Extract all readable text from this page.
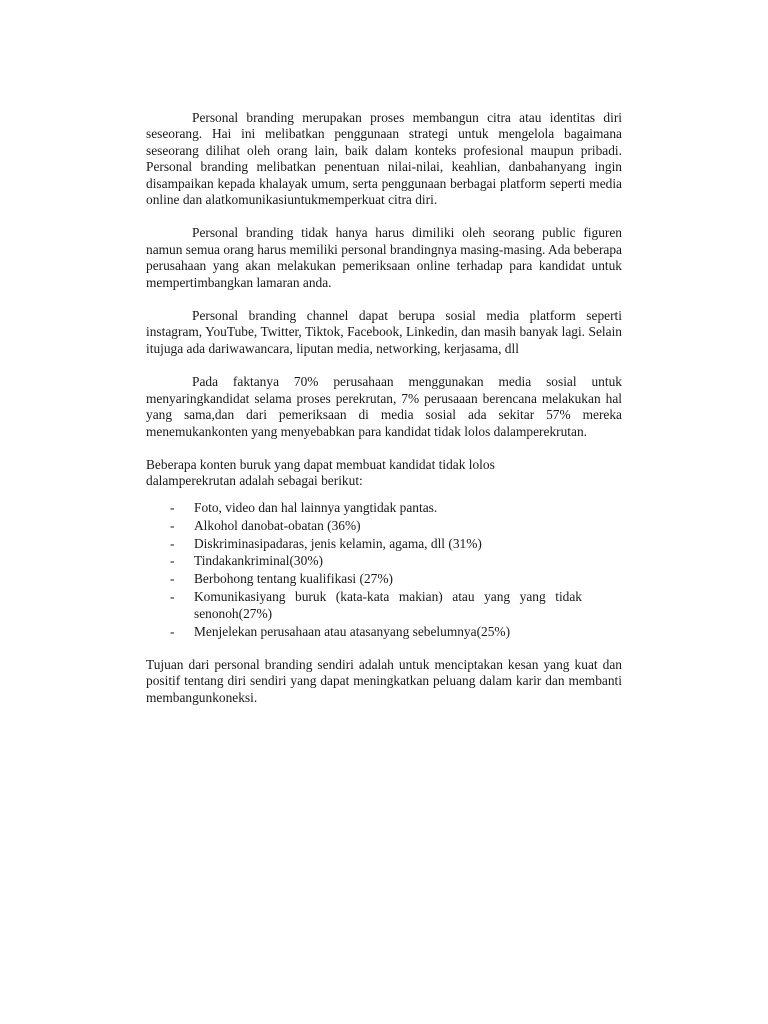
Personal branding merupakan proses membangun citra atau identitas diri seseorang. Hai ini melibatkan penggunaan strategi untuk mengelola bagaimana seseorang dilihat oleh orang lain, baik dalam konteks profesional maupun pribadi. Personal branding melibatkan penentuan nilai-nilai, keahlian, danbahanyang ingin disampaikan kepada khalayak umum, serta penggunaan berbagai platform seperti media online dan alatkomunikasiuntukmemperkuat citra diri.

Personal branding tidak hanya harus dimiliki oleh seorang public figuren namun semua orang harus memiliki personal brandingnya masing-masing. Ada beberapa perusahaan yang akan melakukan pemeriksaan online terhadap para kandidat untuk mempertimbangkan lamaran anda.

Personal branding channel dapat berupa sosial media platform seperti instagram, YouTube, Twitter, Tiktok, Facebook, Linkedin, dan masih banyak lagi. Selain itujuga ada dariwawancara, liputan media, networking, kerjasama, dll

Pada faktanya 70% perusahaan menggunakan media sosial untuk menyaringkandidat selama proses perekrutan, 7% perusaaan berencana melakukan hal yang sama,dan dari pemeriksaan di media sosial ada sekitar 57% mereka menemukankonten yang menyebabkan para kandidat tidak lolos dalamperekrutan.

Beberapa konten buruk yang dapat membuat kandidat tidak lolos dalamperekrutan adalah sebagai berikut:

- Foto, video dan hal lainnya yangtidak pantas.
- Alkohol danobat-obatan (36%)
- Diskriminasipadaras, jenis kelamin, agama, dll (31%)
- Tindakankriminal(30%)
- Berbohong tentang kualifikasi (27%)
- Komunikasiyang buruk (kata-kata makian) atau yang yang tidak senonoh(27%)
- Menjelekan perusahaan atau atasanyang sebelumnya(25%)

Tujuan dari personal branding sendiri adalah untuk menciptakan kesan yang kuat dan positif tentang diri sendiri yang dapat meningkatkan peluang dalam karir dan membanti membangunkoneksi.
